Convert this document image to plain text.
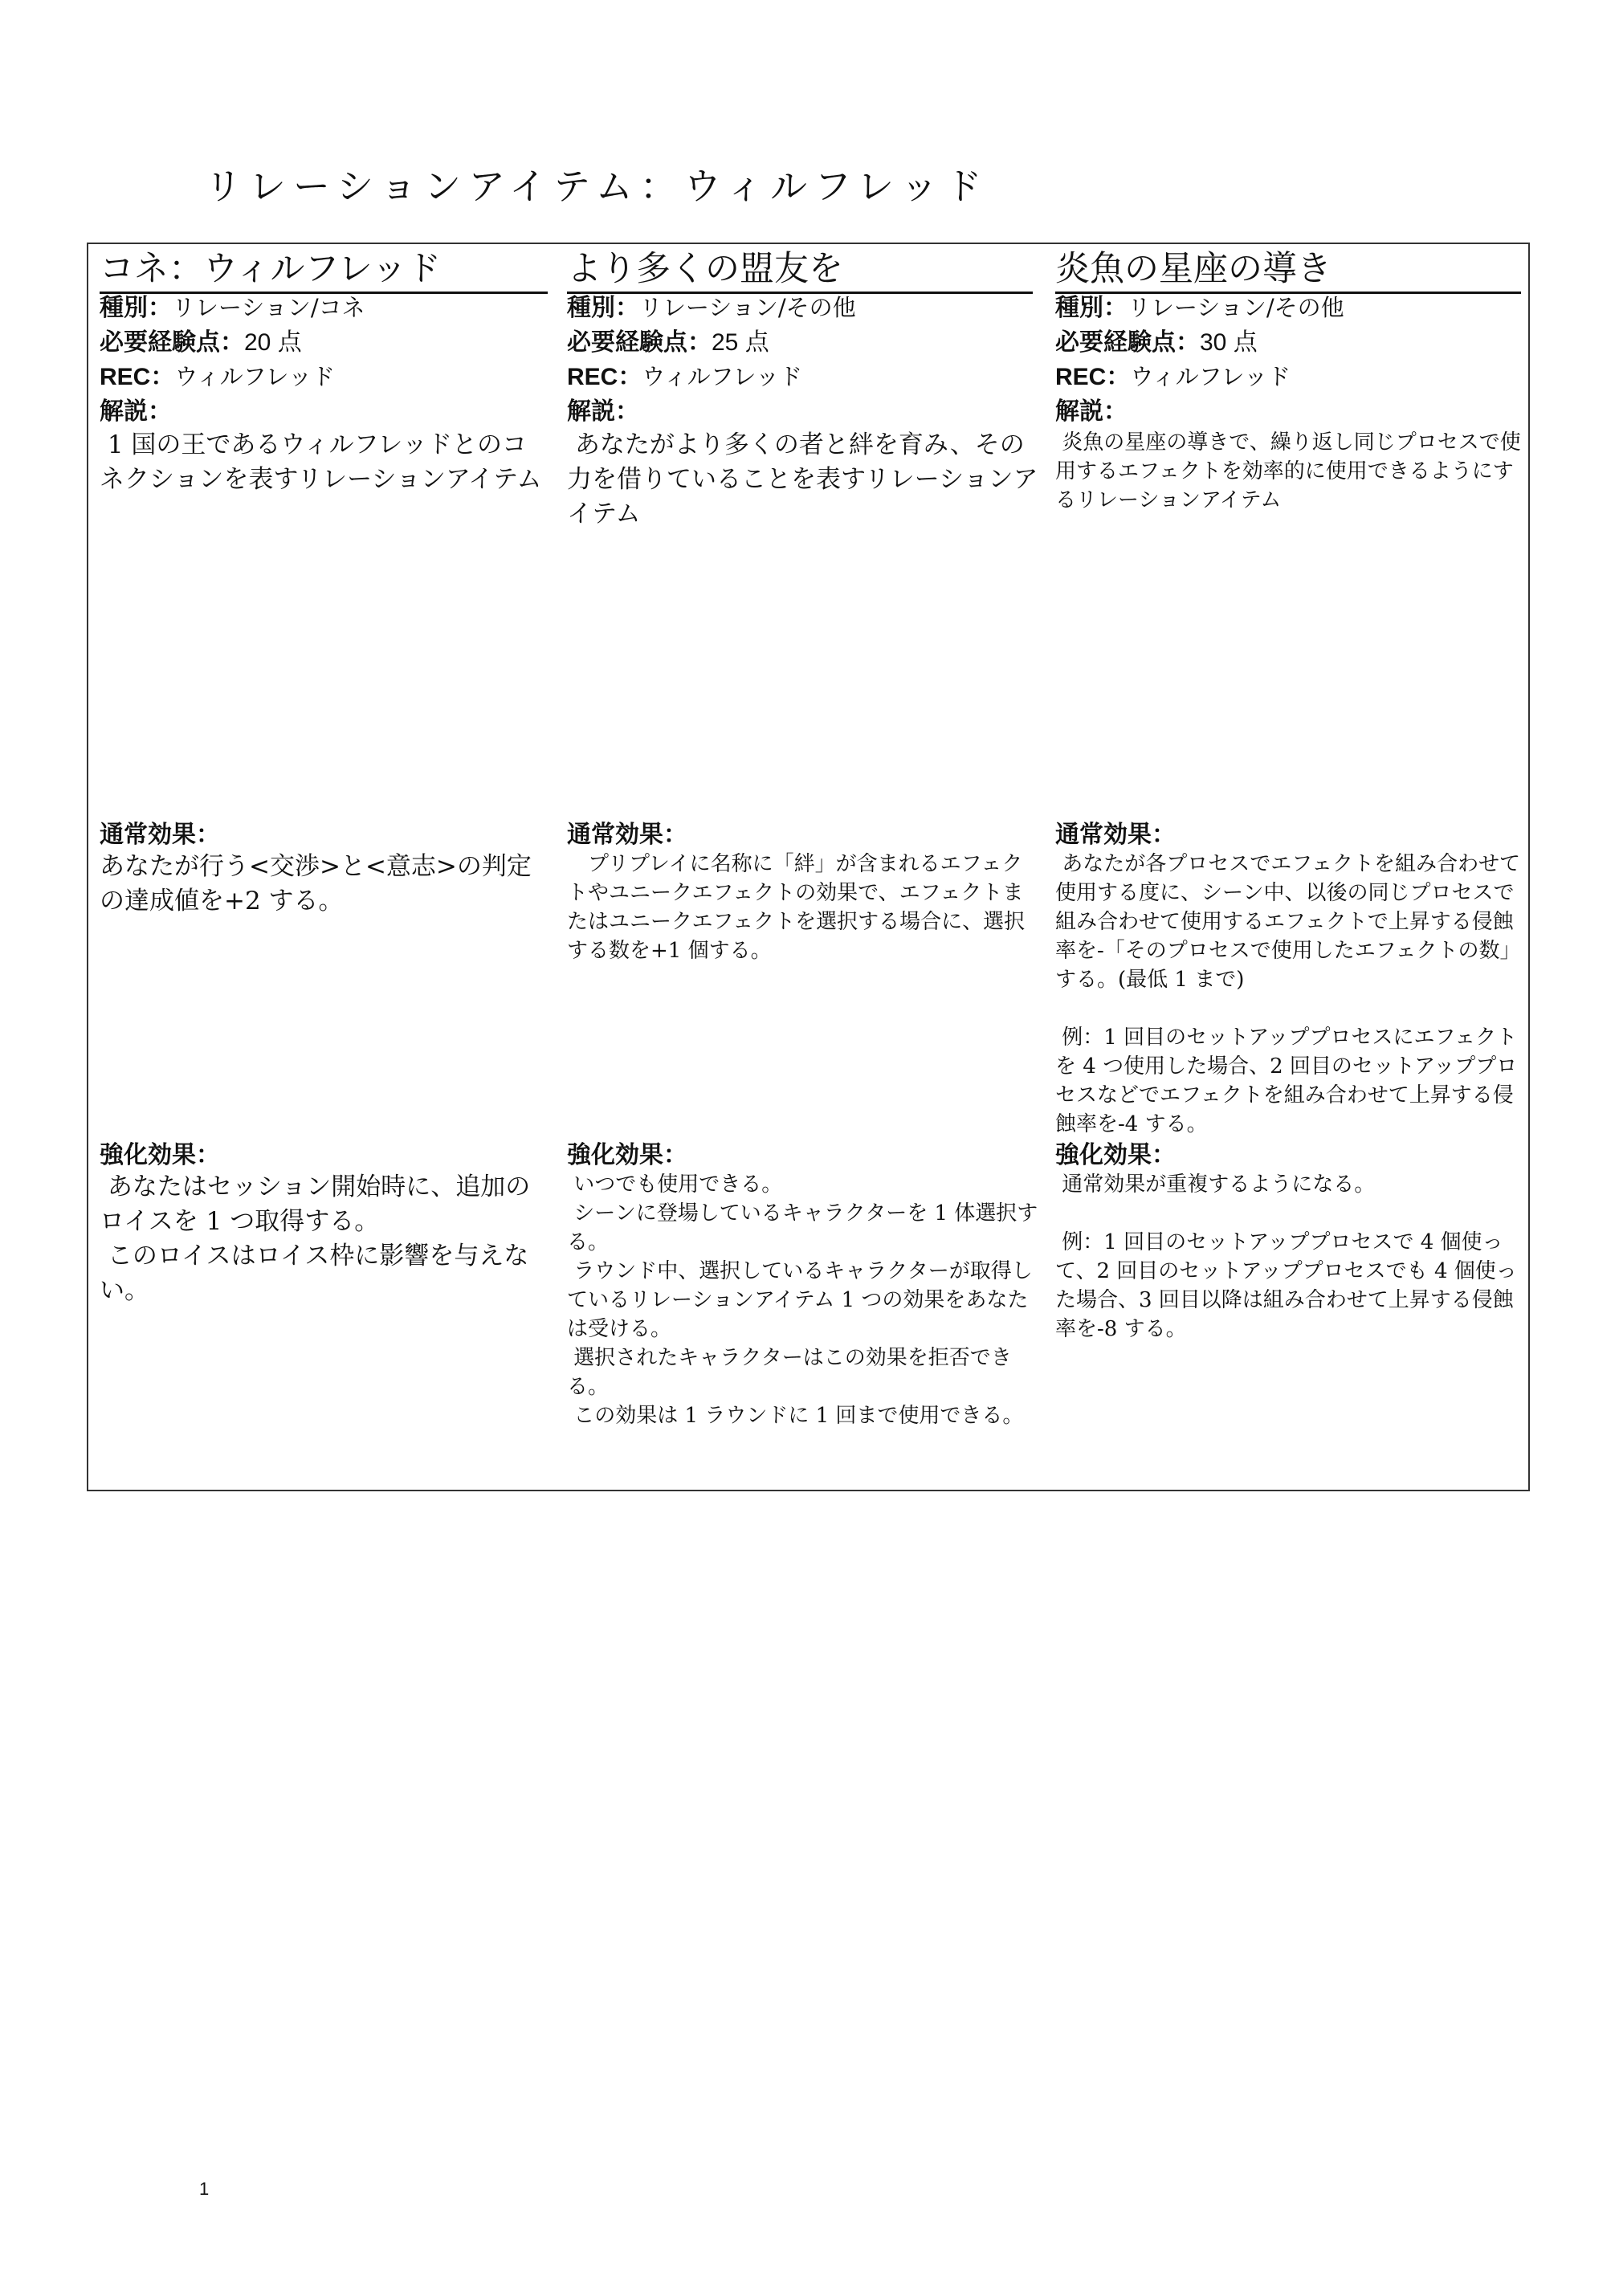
リレーションアイテム：ウィルフレッド
コネ：ウィルフレッド
種別：リレーション/コネ
必要経験点：20 点
REC：ウィルフレッド
解説：
1 国の王であるウィルフレッドとのコネクションを表すリレーションアイテム
通常効果：
あなたが行う<交渉>と<意志>の判定の達成値を+2 する。
強化効果：
あなたはセッション開始時に、追加のロイスを 1 つ取得する。
このロイスはロイス枠に影響を与えない。
より多くの盟友を
種別：リレーション/その他
必要経験点：25 点
REC：ウィルフレッド
解説：
あなたがより多くの者と絆を育み、その力を借りていることを表すリレーションアイテム
通常効果：
　プリプレイに名称に「絆」が含まれるエフェクトやユニークエフェクトの効果で、エフェクトまたはユニークエフェクトを選択する場合に、選択する数を+1 個する。
強化効果：
いつでも使用できる。
シーンに登場しているキャラクターを 1 体選択する。
ラウンド中、選択しているキャラクターが取得しているリレーションアイテム 1 つの効果をあなたは受ける。
選択されたキャラクターはこの効果を拒否できる。
この効果は 1 ラウンドに 1 回まで使用できる。
炎魚の星座の導き
種別：リレーション/その他
必要経験点：30 点
REC：ウィルフレッド
解説：
炎魚の星座の導きで、繰り返し同じプロセスで使用するエフェクトを効率的に使用できるようにするリレーションアイテム
通常効果：
あなたが各プロセスでエフェクトを組み合わせて使用する度に、シーン中、以後の同じプロセスで組み合わせて使用するエフェクトで上昇する侵蝕率を-「そのプロセスで使用したエフェクトの数」する。(最低 1 まで)

例：1 回目のセットアッププロセスにエフェクトを 4 つ使用した場合、2 回目のセットアッププロセスなどでエフェクトを組み合わせて上昇する侵蝕率を-4 する。
強化効果：
通常効果が重複するようになる。

例：1 回目のセットアッププロセスで 4 個使って、2 回目のセットアッププロセスでも 4 個使った場合、3 回目以降は組み合わせて上昇する侵蝕率を-8 する。
1
